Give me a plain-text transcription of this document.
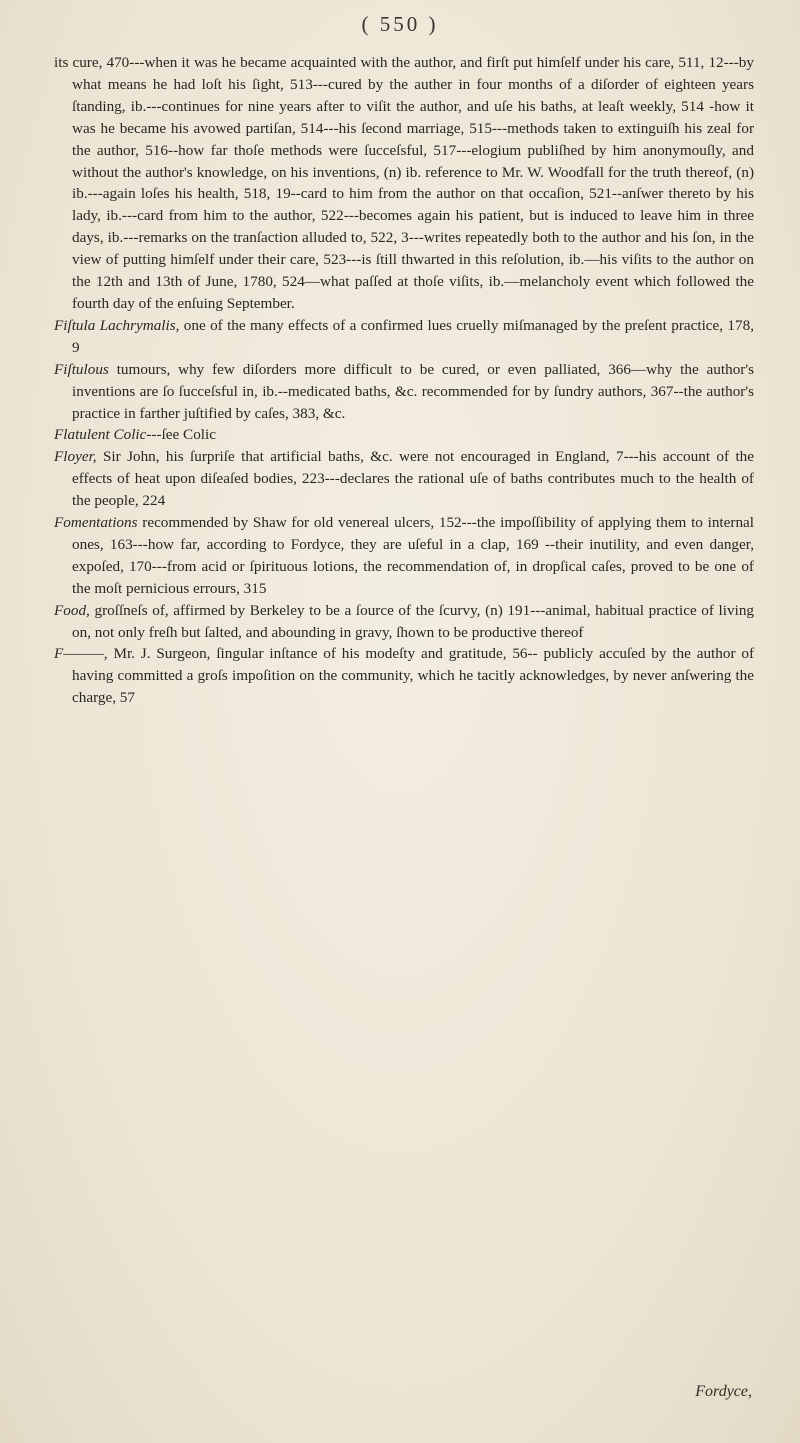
( 550 )

its cure, 470---when it was he became acquainted with the author, and firſt put himſelf under his care, 511, 12---by what means he had loſt his ſight, 513---cured by the auther in four months of a diſorder of eighteen years ſtanding, ib.---continues for nine years after to viſit the author, and uſe his baths, at leaſt weekly, 514 -how it was he became his avowed partiſan, 514---his ſecond marriage, 515---methods taken to extinguiſh his zeal for the author, 516--how far thoſe methods were ſucceſsful, 517---elogium publiſhed by him anonymouſly, and without the author's knowledge, on his inventions, (n) ib. reference to Mr. W. Woodfall for the truth thereof, (n) ib.---again loſes his health, 518, 19--card to him from the author on that occaſion, 521--anſwer thereto by his lady, ib.---card from him to the author, 522---becomes again his patient, but is induced to leave him in three days, ib.---remarks on the tranſaction alluded to, 522, 3---writes repeatedly both to the author and his ſon, in the view of putting himſelf under their care, 523---is ſtill thwarted in this reſolution, ib.—his viſits to the author on the 12th and 13th of June, 1780, 524—what paſſed at thoſe viſits, ib.—melancholy event which followed the fourth day of the enſuing September.

Fiſtula Lachrymalis, one of the many effects of a confirmed lues cruelly miſmanaged by the preſent practice, 178, 9

Fiſtulous tumours, why few diſorders more difficult to be cured, or even palliated, 366—why the author's inventions are ſo ſucceſsful in, ib.--medicated baths, &c. recommended for by ſundry authors, 367--the author's practice in farther juſtified by caſes, 383, &c.

Flatulent Colic---ſee Colic

Floyer, Sir John, his ſurpriſe that artificial baths, &c. were not encouraged in England, 7---his account of the effects of heat upon diſeaſed bodies, 223---declares the rational uſe of baths contributes much to the health of the people, 224

Fomentations recommended by Shaw for old venereal ulcers, 152---the impoſſibility of applying them to internal ones, 163---how far, according to Fordyce, they are uſeful in a clap, 169 --their inutility, and even danger, expoſed, 170---from acid or ſpirituous lotions, the recommendation of, in dropſical caſes, proved to be one of the moſt pernicious errours, 315

Food, groſſneſs of, affirmed by Berkeley to be a ſource of the ſcurvy, (n) 191---animal, habitual practice of living on, not only freſh but ſalted, and abounding in gravy, ſhown to be productive thereof

F———, Mr. J. Surgeon, ſingular inſtance of his modeſty and gratitude, 56-- publicly accuſed by the author of having committed a groſs impoſition on the community, which he tacitly acknowledges, by never anſwering the charge, 57

Fordyce,
